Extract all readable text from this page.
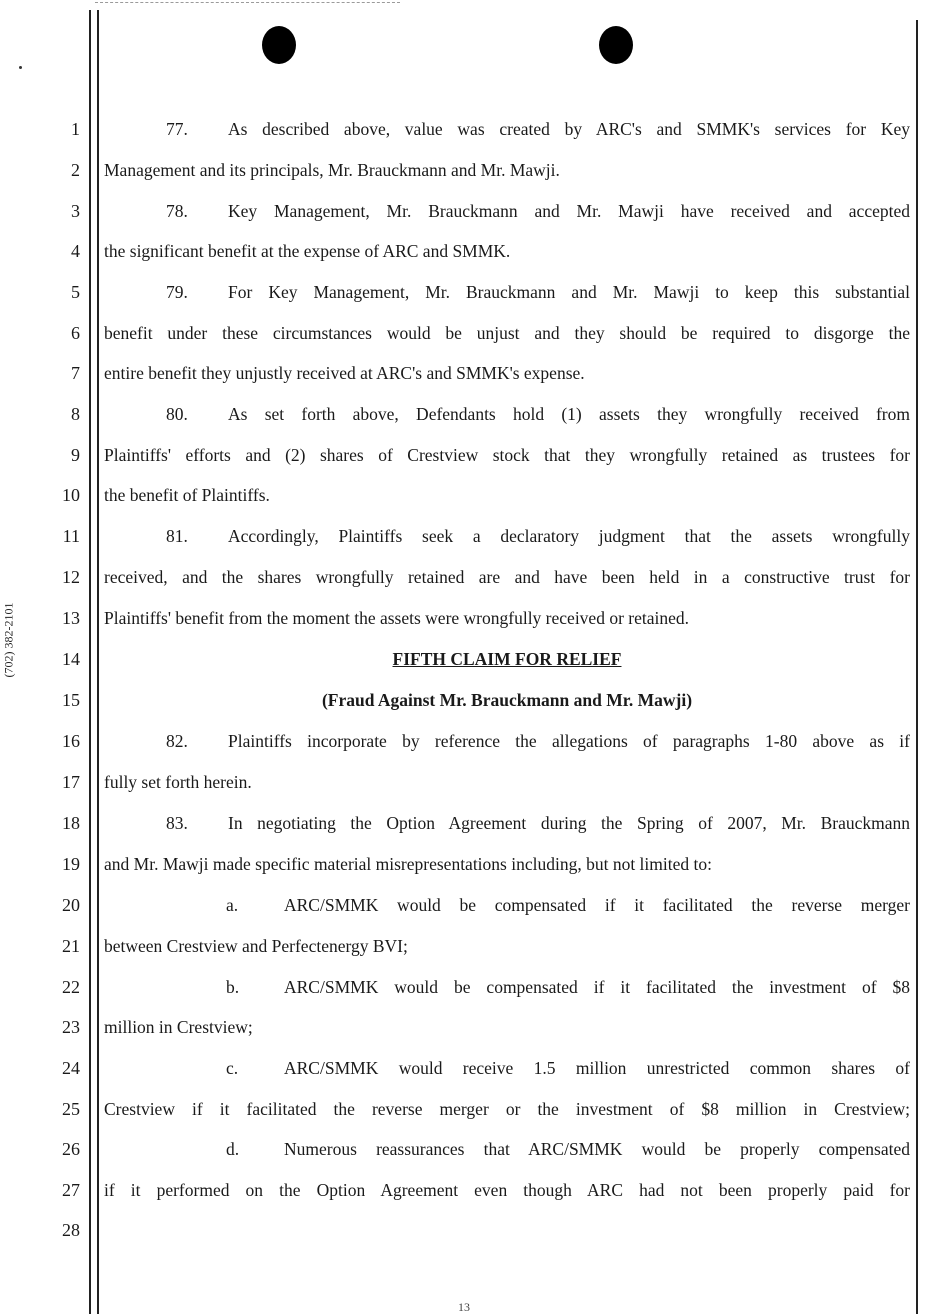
(702) 382-2101
1
2
3
4
5
6
7
8
9
10
11
12
13
14
15
16
17
18
19
20
21
22
23
24
25
26
27
28
77. As described above, value was created by ARC's and SMMK's services for Key
Management and its principals, Mr. Brauckmann and Mr. Mawji.
78. Key Management, Mr. Brauckmann and Mr. Mawji have received and accepted
the significant benefit at the expense of ARC and SMMK.
79. For Key Management, Mr. Brauckmann and Mr. Mawji to keep this substantial
benefit under these circumstances would be unjust and they should be required to disgorge the
entire benefit they unjustly received at ARC's and SMMK's expense.
80. As set forth above, Defendants hold (1) assets they wrongfully received from
Plaintiffs' efforts and (2) shares of Crestview stock that they wrongfully retained as trustees for
the benefit of Plaintiffs.
81. Accordingly, Plaintiffs seek a declaratory judgment that the assets wrongfully
received, and the shares wrongfully retained are and have been held in a constructive trust for
Plaintiffs' benefit from the moment the assets were wrongfully received or retained.
FIFTH CLAIM FOR RELIEF
(Fraud Against Mr. Brauckmann and Mr. Mawji)
82. Plaintiffs incorporate by reference the allegations of paragraphs 1-80 above as if
fully set forth herein.
83. In negotiating the Option Agreement during the Spring of 2007, Mr. Brauckmann
and Mr. Mawji made specific material misrepresentations including, but not limited to:
a.	ARC/SMMK would be compensated if it facilitated the reverse merger
between Crestview and Perfectenergy BVI;
b.	ARC/SMMK would be compensated if it facilitated the investment of $8
million in Crestview;
c.	ARC/SMMK would receive 1.5 million unrestricted common shares of
Crestview if it facilitated the reverse merger or the investment of $8 million in Crestview;
d.	Numerous reassurances that ARC/SMMK would be properly compensated
if it performed on the Option Agreement even though ARC had not been properly paid for
13
